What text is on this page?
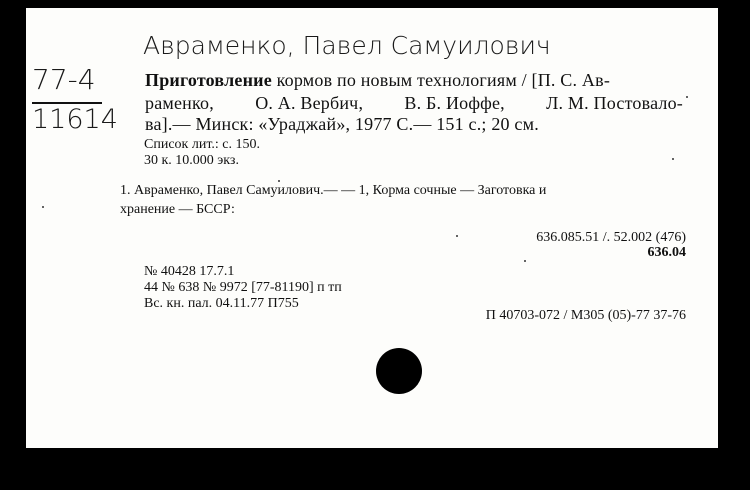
Авраменко, Павел Самуилович
77-4
11614
Приготовление кормов по новым технологиям / [П. С. Ав-
раменко, О. А. Вербич, В. Б. Иоффе, Л. М. Постовало-
ва].— Минск: «Ураджай», 1977 С.— 151 с.; 20 см.
Список лит.: с. 150.
30 к. 10.000 экз.
1. Авраменко, Павел Самуилович.— — 1, Корма сочные — Заготовка и
хранение — БССР:
636.085.51 /. 52.002 (476)
636.04
№ 40428 17.7.1
44 № 638 № 9972 [77-81190] п тп
Вс. кн. пал. 04.11.77 П755
П 40703-072 / М305 (05)-77 37-76
